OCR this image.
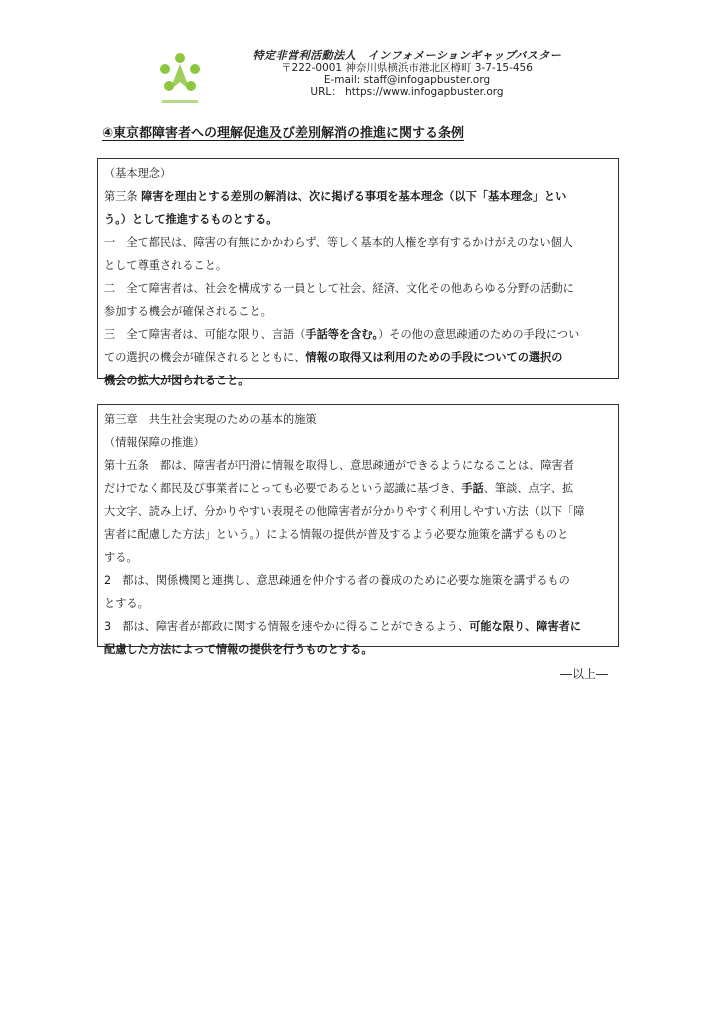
特定非営利活動法人　インフォメーションギャップバスター
〒222-0001 神奈川県横浜市港北区樽町 3-7-15-456
E-mail: staff@infogapbuster.org
URL： https://www.infogapbuster.org
④東京都障害者への理解促進及び差別解消の推進に関する条例
（基本理念）
第三条 障害を理由とする差別の解消は、次に掲げる事項を基本理念（以下「基本理念」とい
う。）として推進するものとする。
一　全て都民は、障害の有無にかかわらず、等しく基本的人権を享有するかけがえのない個人
として尊重されること。
二　全て障害者は、社会を構成する一員として社会、経済、文化その他あらゆる分野の活動に
参加する機会が確保されること。
三　全て障害者は、可能な限り、言語（手話等を含む。）その他の意思疎通のための手段につい
ての選択の機会が確保されるとともに、情報の取得又は利用のための手段についての選択の
機会の拡大が図られること。
第三章　共生社会実現のための基本的施策
（情報保障の推進）
第十五条　都は、障害者が円滑に情報を取得し、意思疎通ができるようになることは、障害者
だけでなく都民及び事業者にとっても必要であるという認識に基づき、手話、筆談、点字、拡
大文字、読み上げ、分かりやすい表現その他障害者が分かりやすく利用しやすい方法（以下「障
害者に配慮した方法」という。）による情報の提供が普及するよう必要な施策を講ずるものと
する。
2　都は、関係機関と連携し、意思疎通を仲介する者の養成のために必要な施策を講ずるもの
とする。
3　都は、障害者が都政に関する情報を速やかに得ることができるよう、可能な限り、障害者に
配慮した方法によって情報の提供を行うものとする。
―以上―
